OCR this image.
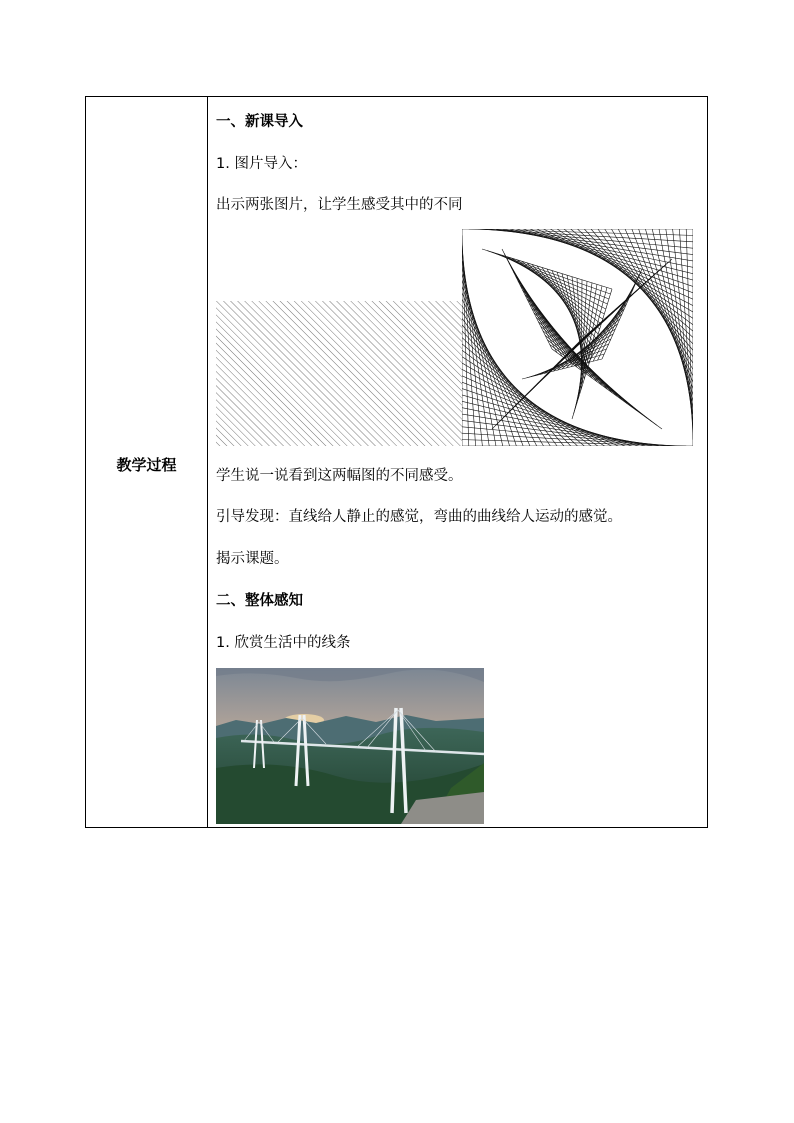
教学过程
一、新课导入
1. 图片导入：
出示两张图片，让学生感受其中的不同
学生说一说看到这两幅图的不同感受。
引导发现：直线给人静止的感觉，弯曲的曲线给人运动的感觉。
揭示课题。
二、整体感知
1. 欣赏生活中的线条
